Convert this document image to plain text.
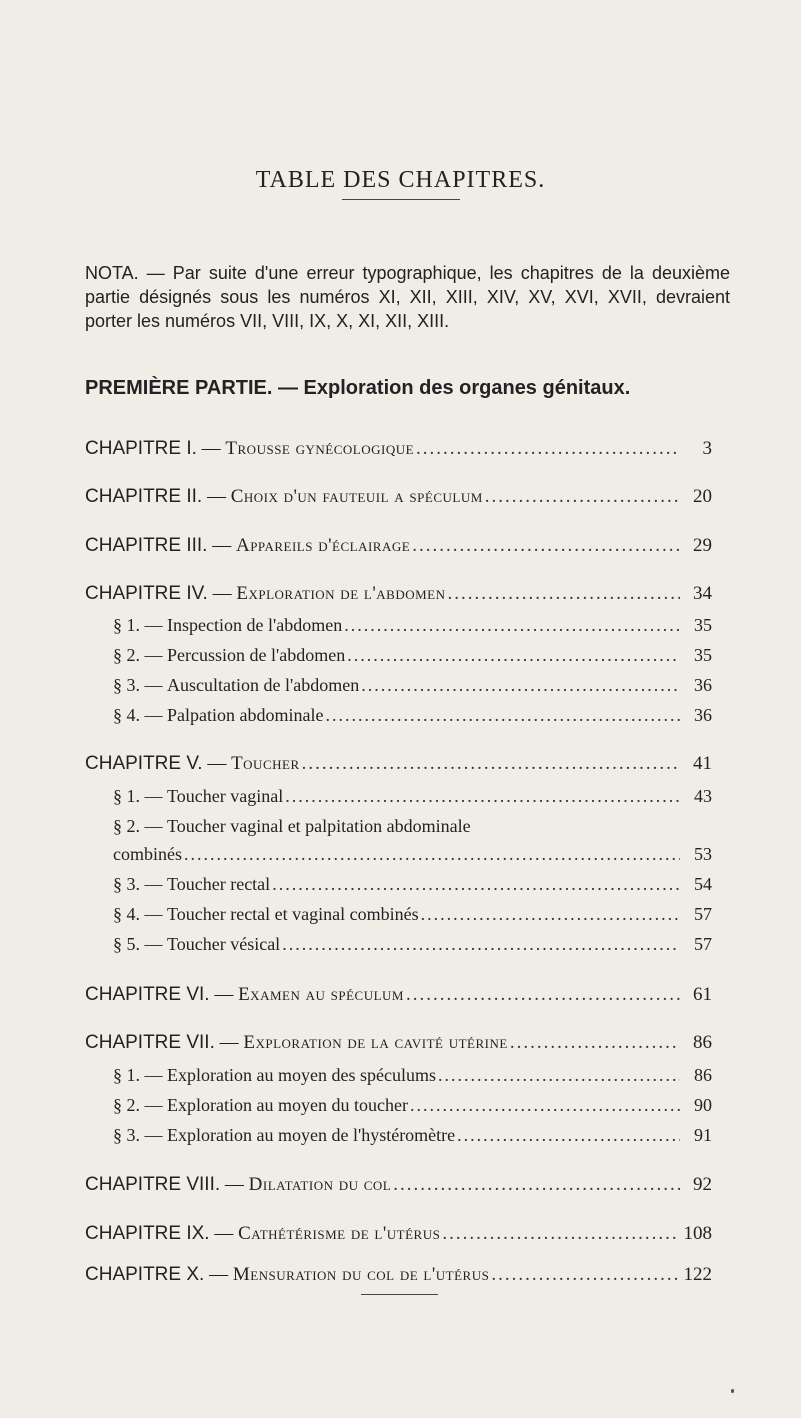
TABLE DES CHAPITRES.
NOTA. — Par suite d'une erreur typographique, les chapitres de la deuxième partie désignés sous les numéros XI, XII, XIII, XIV, XV, XVI, XVII, devraient porter les numéros VII, VIII, IX, X, XI, XII, XIII.
PREMIÈRE PARTIE. — Exploration des organes génitaux.
CHAPITRE I. — Trousse gynécologique .....	3
CHAPITRE II. — Choix d'un fauteuil a spéculum .....	20
CHAPITRE III. — Appareils d'éclairage .....	29
CHAPITRE IV. — Exploration de l'abdomen .....	34
§ 1. — Inspection de l'abdomen .....	35
§ 2. — Percussion de l'abdomen .....	35
§ 3. — Auscultation de l'abdomen .....	36
§ 4. — Palpation abdominale .....	36
CHAPITRE V. — Toucher .....	41
§ 1. — Toucher vaginal .....	43
§ 2. — Toucher vaginal et palpitation abdominale
combinés .....	53
§ 3. — Toucher rectal .....	54
§ 4. — Toucher rectal et vaginal combinés .....	57
§ 5. — Toucher vésical .....	57
CHAPITRE VI. — Examen au spéculum .....	61
CHAPITRE VII. — Exploration de la cavité utérine .....	86
§ 1. — Exploration au moyen des spéculums .....	86
§ 2. — Exploration au moyen du toucher .....	90
§ 3. — Exploration au moyen de l'hystéromètre .....	91
CHAPITRE VIII. — Dilatation du col .....	92
CHAPITRE IX. — Cathétérisme de l'utérus .....	108
CHAPITRE X. — Mensuration du col de l'utérus .....	122
